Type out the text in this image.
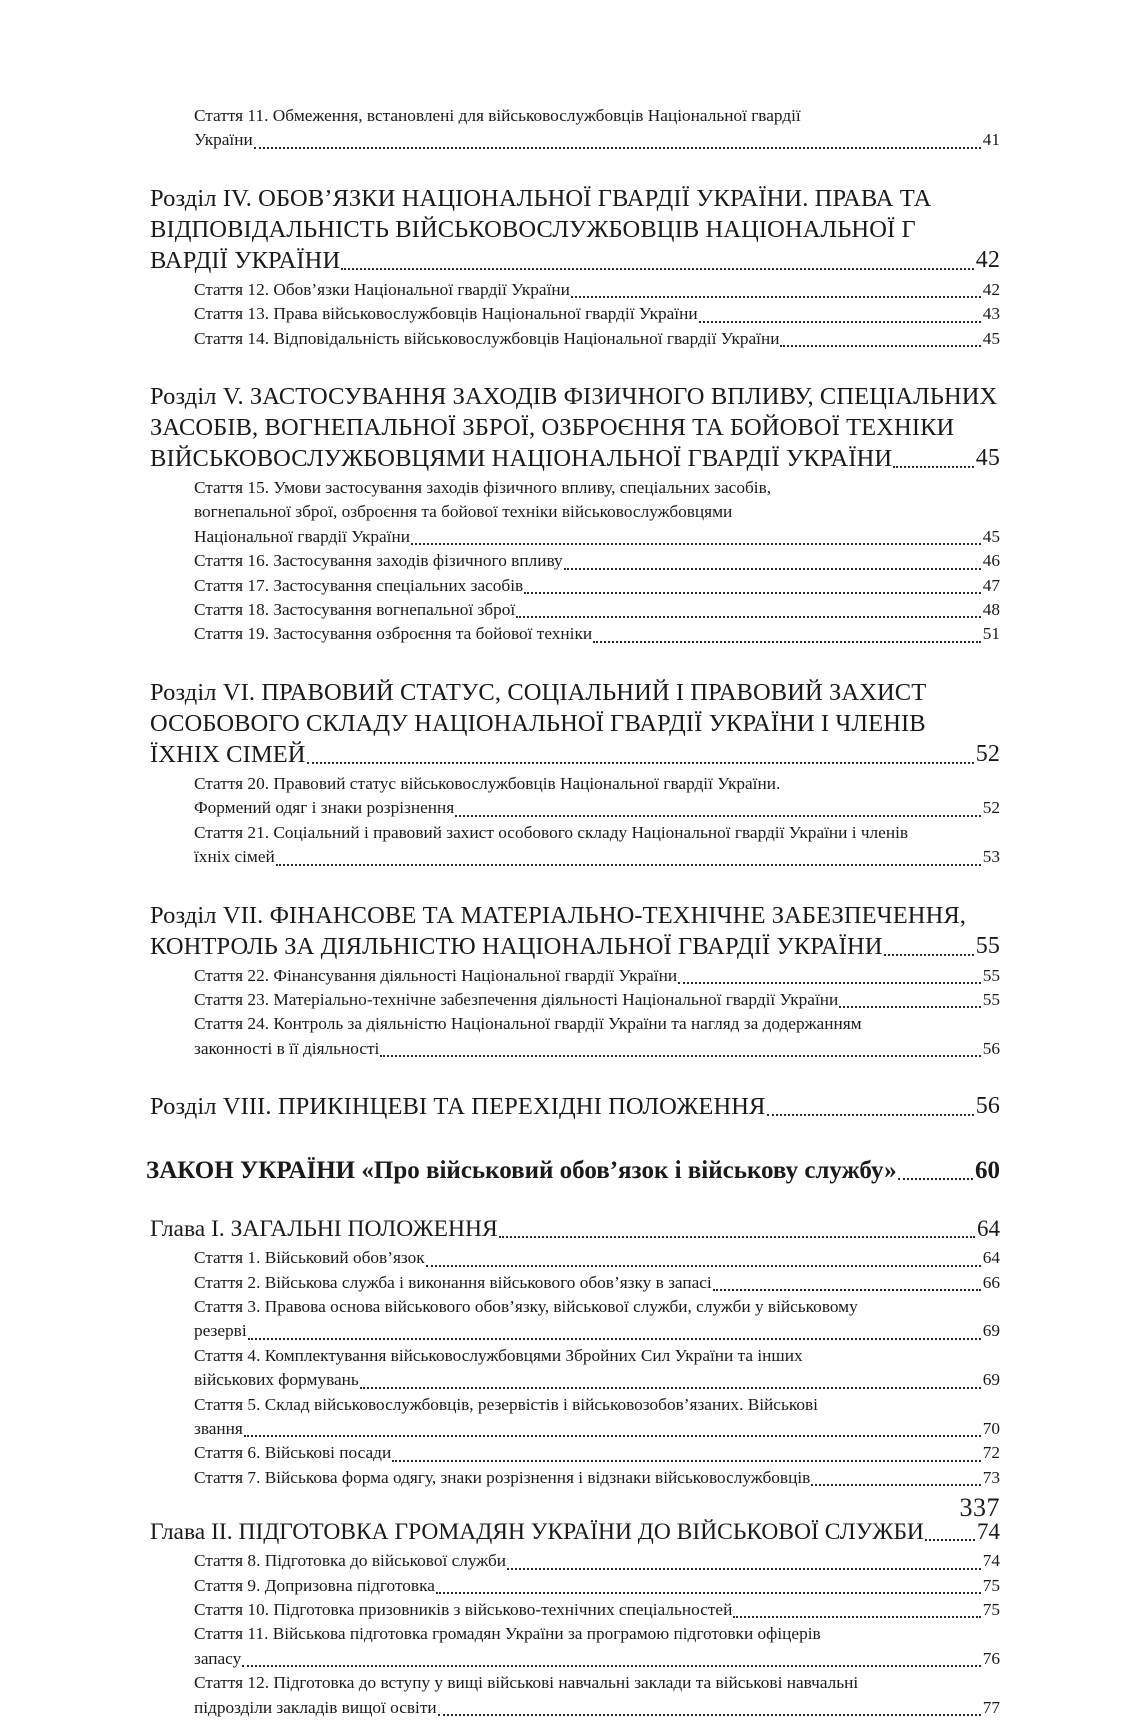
Стаття 11. Обмеження, встановлені для військовослужбовців Національної гвардії
України	41
Розділ IV. ОБОВ’ЯЗКИ НАЦІОНАЛЬНОЇ ГВАРДІЇ УКРАЇНИ. ПРАВА ТА
ВІДПОВІДАЛЬНІСТЬ ВІЙСЬКОВОСЛУЖБОВЦІВ НАЦІОНАЛЬНОЇ Г
ВАРДІЇ УКРАЇНИ	42
Стаття 12. Обов’язки Національної гвардії України	42
Стаття 13. Права військовослужбовців Національної гвардії України	43
Стаття 14. Відповідальність військовослужбовців Національної гвардії України	45
Розділ V. ЗАСТОСУВАННЯ ЗАХОДІВ ФІЗИЧНОГО ВПЛИВУ, СПЕЦІАЛЬНИХ
ЗАСОБІВ, ВОГНЕПАЛЬНОЇ ЗБРОЇ, ОЗБРОЄННЯ ТА БОЙОВОЇ ТЕХНІКИ
ВІЙСЬКОВОСЛУЖБОВЦЯМИ НАЦІОНАЛЬНОЇ ГВАРДІЇ УКРАЇНИ	45
Стаття 15. Умови застосування заходів фізичного впливу, спеціальних засобів,
вогнепальної зброї, озброєння та бойової техніки військовослужбовцями
Національної гвардії України	45
Стаття 16. Застосування заходів фізичного впливу	46
Стаття 17. Застосування спеціальних засобів	47
Стаття 18. Застосування вогнепальної зброї	48
Стаття 19. Застосування озброєння та бойової техніки	51
Розділ VI. ПРАВОВИЙ СТАТУС, СОЦІАЛЬНИЙ І ПРАВОВИЙ ЗАХИСТ
ОСОБОВОГО СКЛАДУ НАЦІОНАЛЬНОЇ ГВАРДІЇ УКРАЇНИ І ЧЛЕНІВ
ЇХНІХ СІМЕЙ	52
Стаття 20. Правовий статус військовослужбовців Національної гвардії України.
Формений одяг і знаки розрізнення	52
Стаття 21. Соціальний і правовий захист особового складу Національної гвардії України і членів
їхніх сімей	53
Розділ VII. ФІНАНСОВЕ ТА МАТЕРІАЛЬНО-ТЕХНІЧНЕ ЗАБЕЗПЕЧЕННЯ,
КОНТРОЛЬ ЗА ДІЯЛЬНІСТЮ НАЦІОНАЛЬНОЇ ГВАРДІЇ УКРАЇНИ	55
Стаття 22. Фінансування діяльності Національної гвардії України	55
Стаття 23. Матеріально-технічне забезпечення діяльності Національної гвардії України	55
Стаття 24. Контроль за діяльністю Національної гвардії України та нагляд за додержанням
законності в її діяльності	56
Розділ VIII. ПРИКІНЦЕВІ ТА ПЕРЕХІДНІ ПОЛОЖЕННЯ	56
ЗАКОН УКРАЇНИ «Про військовий обов’язок і військову службу»	60
Глава I. ЗАГАЛЬНІ ПОЛОЖЕННЯ	64
Стаття 1. Військовий обов’язок	64
Стаття 2. Військова служба і виконання військового обов’язку в запасі	66
Стаття 3. Правова основа військового обов’язку, військової служби, служби у військовому
резерві	69
Стаття 4. Комплектування військовослужбовцями Збройних Сил України та інших
військових формувань	69
Стаття 5. Склад військовослужбовців, резервістів і військовозобов’язаних. Військові
звання	70
Стаття 6. Військові посади	72
Стаття 7. Військова форма одягу, знаки розрізнення і відзнаки військовослужбовців	73
Глава II. ПІДГОТОВКА ГРОМАДЯН УКРАЇНИ ДО ВІЙСЬКОВОЇ СЛУЖБИ 74
Стаття 8. Підготовка до військової служби	74
Стаття 9. Допризовна підготовка	75
Стаття 10. Підготовка призовників з військово-технічних спеціальностей	75
Стаття 11. Військова підготовка громадян України за програмою підготовки офіцерів
запасу	76
Стаття 12. Підготовка до вступу у вищі військові навчальні заклади та військові навчальні
підрозділи закладів вищої освіти	77
337
